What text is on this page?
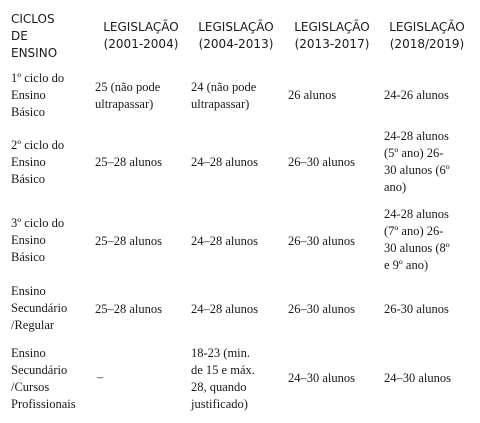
CICLOS
DE
ENSINO
LEGISLAÇÃO
(2001-2004)
LEGISLAÇÃO
(2004-2013)
LEGISLAÇÃO
(2013-2017)
LEGISLAÇÃO
(2018/2019)
1º ciclo do
Ensino
Básico
25 (não pode
ultrapassar)
24 (não pode
ultrapassar)
26 alunos	24-26 alunos
2º ciclo do
Ensino
Básico
25–28 alunos 24–28 alunos 26–30 alunos
24-28 alunos
(5º ano) 26-
30 alunos (6º
ano)
3º ciclo do
Ensino
Básico
25–28 alunos 24–28 alunos 26–30 alunos
24-28 alunos
(7º ano) 26-
30 alunos (8º
e 9º ano)
Ensino
Secundário
/Regular
25–28 alunos 24–28 alunos 26–30 alunos 26-30 alunos
Ensino
Secundário
/Cursos
Profissionais
–
18-23 (min.
de 15 e máx.
28, quando
justificado)
24–30 alunos 24–30 alunos
